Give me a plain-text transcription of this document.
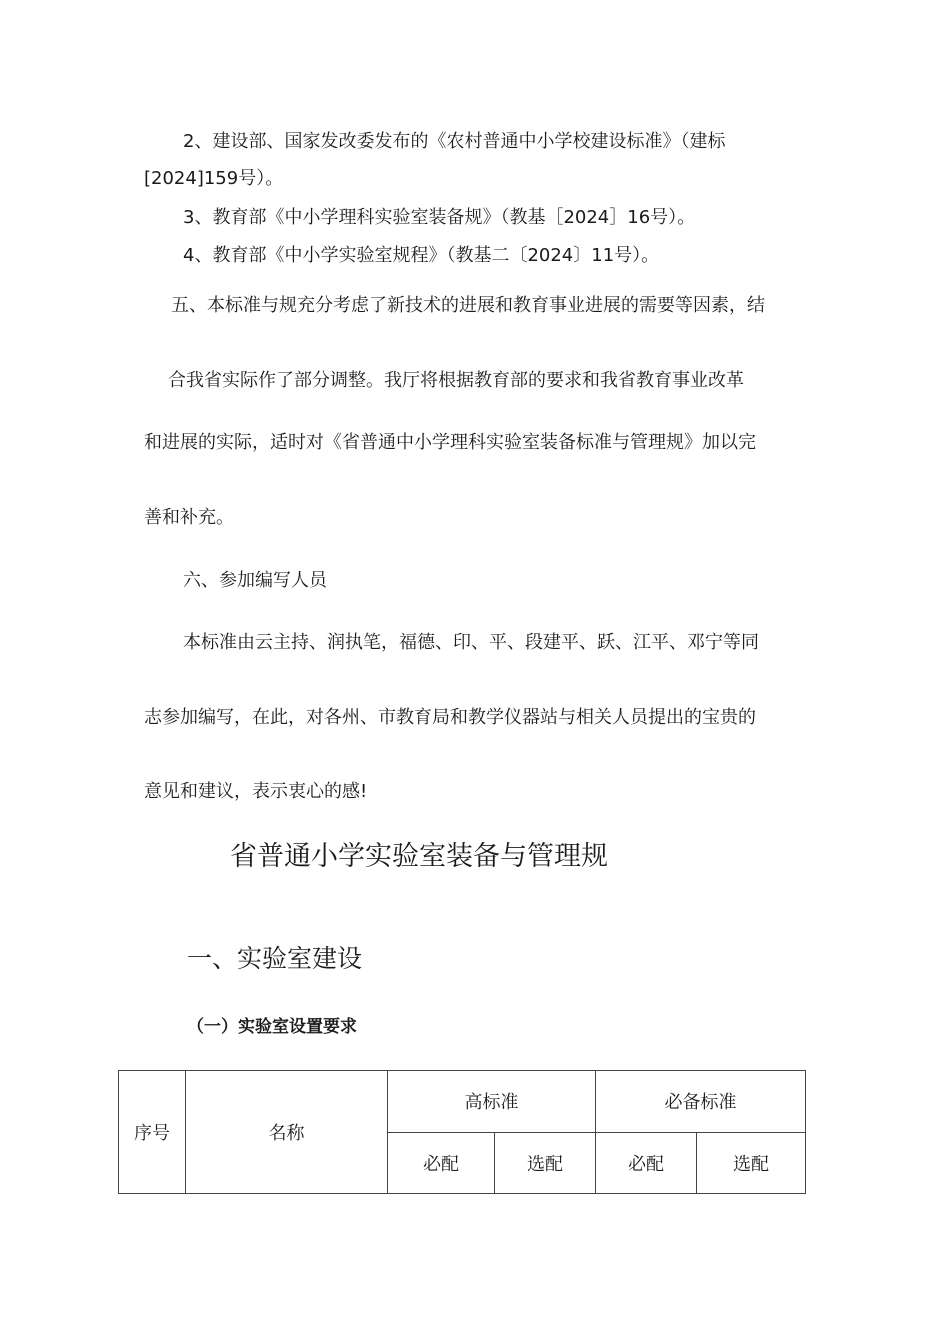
2、建设部、国家发改委发布的《农村普通中小学校建设标准》（建标
[2024]159号）。
3、教育部《中小学理科实验室装备规》（教基［2024］16号）。
4、教育部《中小学实验室规程》（教基二〔2024〕11号）。
五、本标准与规充分考虑了新技术的进展和教育事业进展的需要等因素，结
合我省实际作了部分调整。我厅将根据教育部的要求和我省教育事业改革
和进展的实际，适时对《省普通中小学理科实验室装备标准与管理规》加以完
善和补充。
六、参加编写人员
本标准由云主持、润执笔，福德、印、平、段建平、跃、江平、邓宁等同
志参加编写，在此，对各州、市教育局和教学仪器站与相关人员提出的宝贵的
意见和建议，表示衷心的感!
省普通小学实验室装备与管理规
一、实验室建设
（一）实验室设置要求
序号	名称	高标准		必备标准	
		必配	选配	必配	选配
